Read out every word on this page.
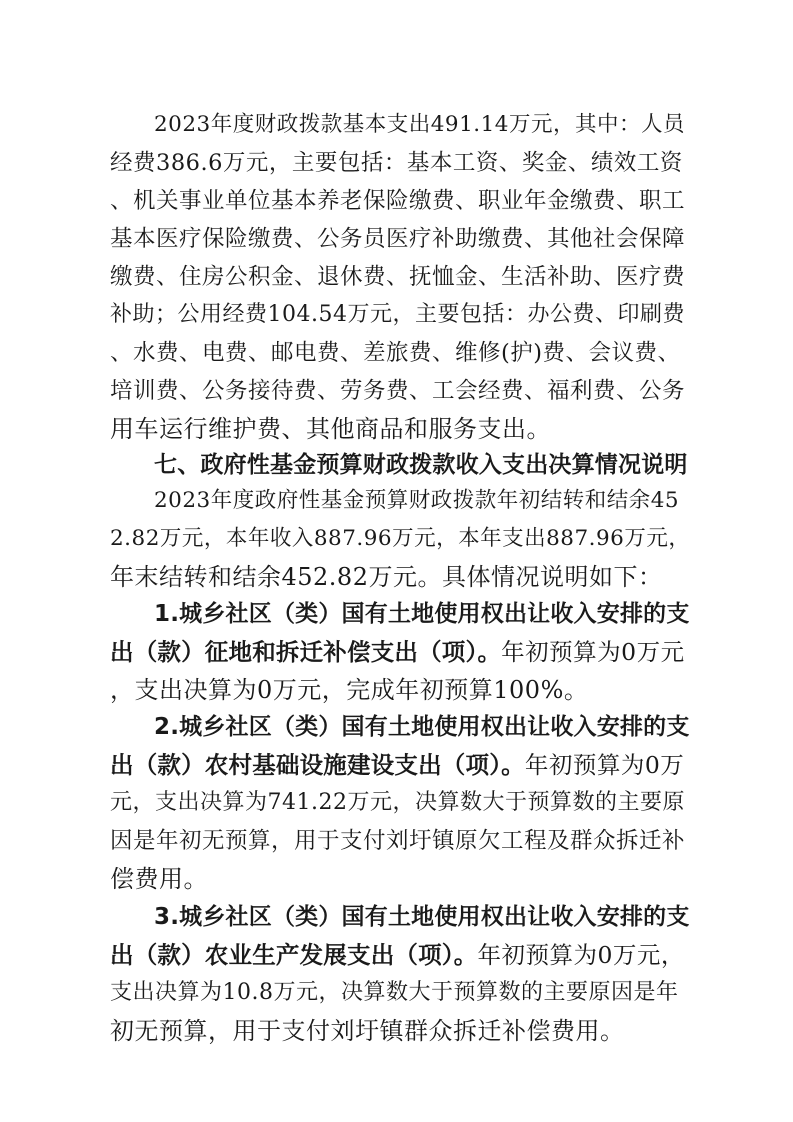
2023年度财政拨款基本支出491.14万元，其中：人员
经费386.6万元，主要包括：基本工资、奖金、绩效工资
、机关事业单位基本养老保险缴费、职业年金缴费、职工
基本医疗保险缴费、公务员医疗补助缴费、其他社会保障
缴费、住房公积金、退休费、抚恤金、生活补助、医疗费
补助；公用经费104.54万元，主要包括：办公费、印刷费
、水费、电费、邮电费、差旅费、维修(护)费、会议费、
培训费、公务接待费、劳务费、工会经费、福利费、公务
用车运行维护费、其他商品和服务支出。
七、政府性基金预算财政拨款收入支出决算情况说明
2023年度政府性基金预算财政拨款年初结转和结余45
2.82万元，本年收入887.96万元，本年支出887.96万元，
年末结转和结余452.82万元。具体情况说明如下：
1.城乡社区（类）国有土地使用权出让收入安排的支
出（款）征地和拆迁补偿支出（项）。年初预算为0万元
，支出决算为0万元，完成年初预算100%。
2.城乡社区（类）国有土地使用权出让收入安排的支
出（款）农村基础设施建设支出（项）。年初预算为0万
元，支出决算为741.22万元，决算数大于预算数的主要原
因是年初无预算，用于支付刘圩镇原欠工程及群众拆迁补
偿费用。
3.城乡社区（类）国有土地使用权出让收入安排的支
出（款）农业生产发展支出（项）。年初预算为0万元，
支出决算为10.8万元，决算数大于预算数的主要原因是年
初无预算，用于支付刘圩镇群众拆迁补偿费用。
